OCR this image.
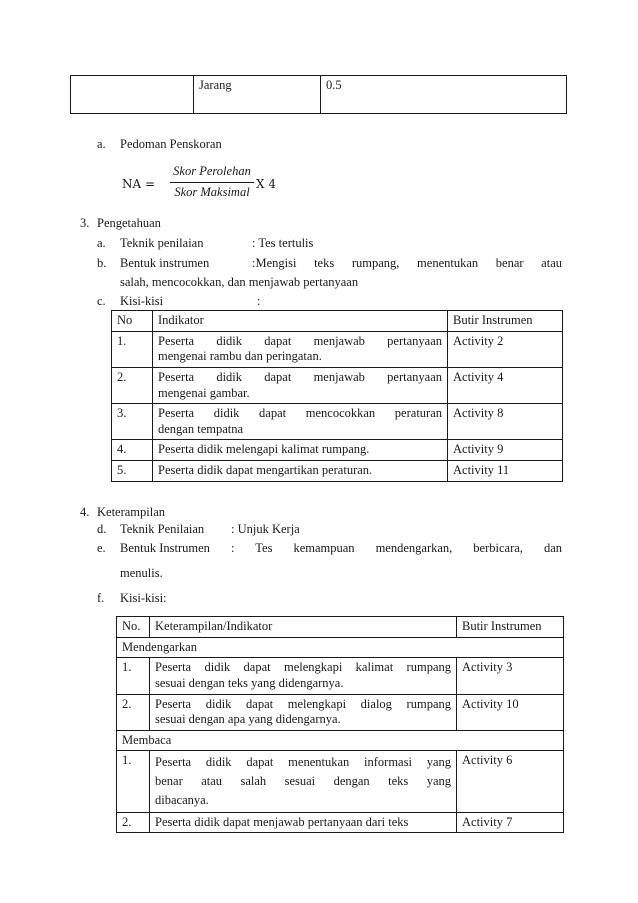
	Jarang	0.5
a. Pedoman Penskoran
NA =
Skor Perolehan
Skor Maksimal
X 4
3. Pengetahuan
a. Teknik penilaian	: Tes tertulis
b. Bentuk instrumen	:Mengisi teks rumpang, menentukan benar atau
salah, mencocokkan, dan menjawab pertanyaan
c. Kisi-kisi	:
No	Indikator	Butir Instrumen
1.	Peserta didik dapat menjawab pertanyaan
mengenai rambu dan peringatan.	Activity 2
2.	Peserta didik dapat menjawab pertanyaan
mengenai gambar.	Activity 4
3.	Peserta didik dapat mencocokkan peraturan
dengan tempatna	Activity 8
4.	Peserta didik melengapi kalimat rumpang.	Activity 9
5.	Peserta didik dapat mengartikan peraturan.	Activity 11
4. Keterampilan
d. Teknik Penilaian : Unjuk Kerja
e. Bentuk Instrumen : Tes kemampuan mendengarkan, berbicara, dan
menulis.
f. Kisi-kisi:
No.	Keterampilan/Indikator	Butir Instrumen
Mendengarkan		
1.	Peserta didik dapat melengkapi kalimat rumpang
sesuai dengan teks yang didengarnya.	Activity 3
2.	Peserta didik dapat melengkapi dialog rumpang
sesuai dengan apa yang didengarnya.	Activity 10
Membaca		
1.	Peserta didik dapat menentukan informasi yang
benar atau salah sesuai dengan teks yang
dibacanya.	Activity 6
2.	Peserta didik dapat menjawab pertanyaan dari teks	Activity 7
